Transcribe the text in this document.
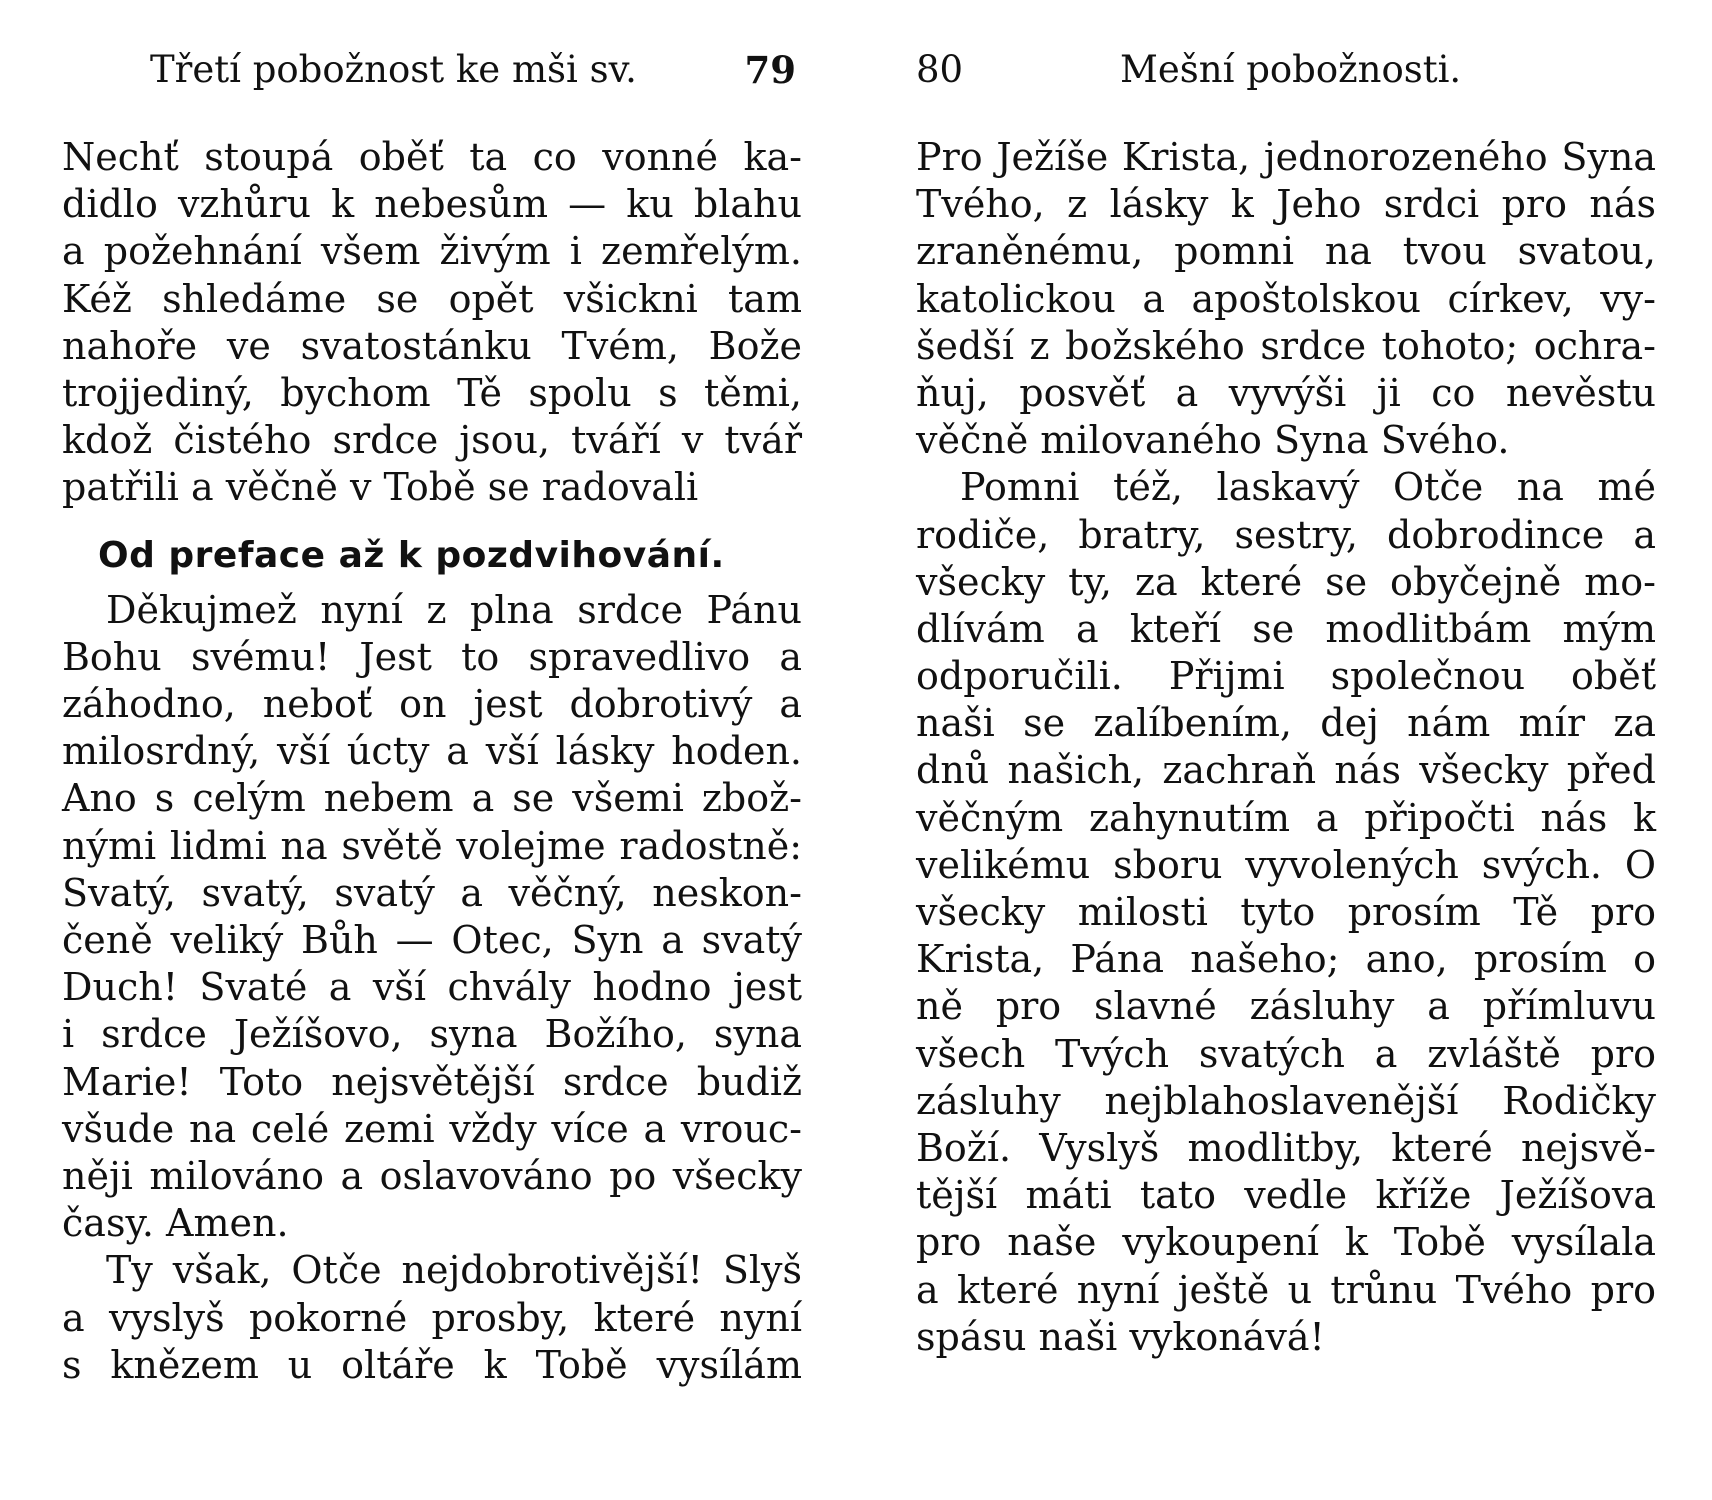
Třetí pobožnost ke mši sv.	79
Nechť stoupá oběť ta co vonné ka-
didlo vzhůru k nebesům — ku blahu
a požehnání všem živým i zemřelým.
Kéž shledáme se opět všickni tam
nahoře ve svatostánku Tvém, Bože
trojjediný, bychom Tě spolu s těmi,
kdož čistého srdce jsou, tváří v tvář
patřili a věčně v Tobě se radovali
Od preface až k pozdvihování.
Děkujmež nyní z plna srdce Pánu
Bohu svému! Jest to spravedlivo a
záhodno, neboť on jest dobrotivý a
milosrdný, vší úcty a vší lásky hoden.
Ano s celým nebem a se všemi zbož-
nými lidmi na světě volejme radostně:
Svatý, svatý, svatý a věčný, neskon-
čeně veliký Bůh — Otec, Syn a svatý
Duch! Svaté a vší chvály hodno jest
i srdce Ježíšovo, syna Božího, syna
Marie! Toto nejsvětější srdce budiž
všude na celé zemi vždy více a vrouc-
něji milováno a oslavováno po všecky
časy. Amen.
Ty však, Otče nejdobrotivější! Slyš
a vyslyš pokorné prosby, které nyní
s knězem u oltáře k Tobě vysílám
80	Mešní pobožnosti.
Pro Ježíše Krista, jednorozeného Syna
Tvého, z lásky k Jeho srdci pro nás
zraněnému, pomni na tvou svatou,
katolickou a apoštolskou církev, vy-
šedší z božského srdce tohoto; ochra-
ňuj, posvěť a vyvýši ji co nevěstu
věčně milovaného Syna Svého.
Pomni též, laskavý Otče na mé
rodiče, bratry, sestry, dobrodince a
všecky ty, za které se obyčejně mo-
dlívám a kteří se modlitbám mým
odporučili. Přijmi společnou oběť
naši se zalíbením, dej nám mír za
dnů našich, zachraň nás všecky před
věčným zahynutím a připočti nás k
velikému sboru vyvolených svých. O
všecky milosti tyto prosím Tě pro
Krista, Pána našeho; ano, prosím o
ně pro slavné zásluhy a přímluvu
všech Tvých svatých a zvláště pro
zásluhy nejblahoslavenější Rodičky
Boží. Vyslyš modlitby, které nejsvě-
tější máti tato vedle kříže Ježíšova
pro naše vykoupení k Tobě vysílala
a které nyní ještě u trůnu Tvého pro
spásu naši vykonává!
